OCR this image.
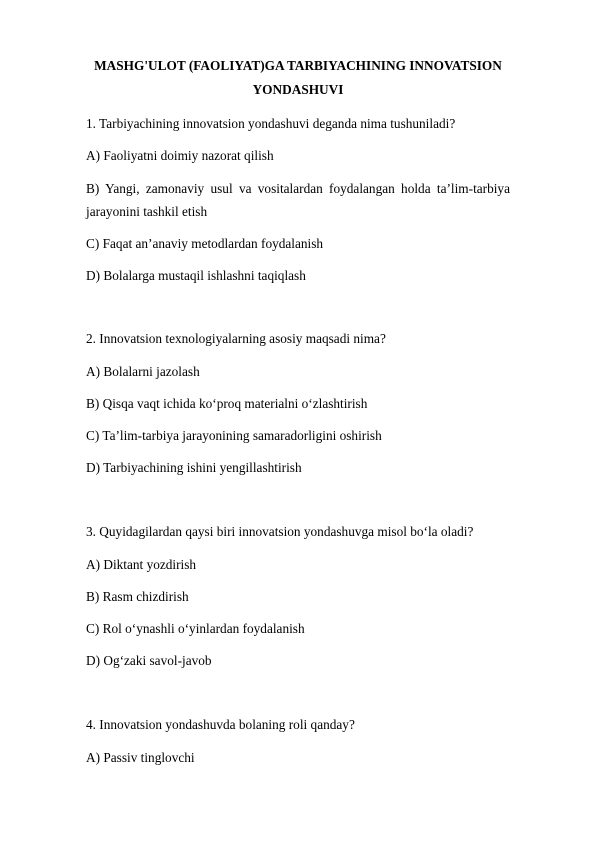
MASHG'ULOT (FAOLIYAT)GA TARBIYACHINING INNOVATSION
YONDASHUVI
1. Tarbiyachining innovatsion yondashuvi deganda nima tushuniladi?
A) Faoliyatni doimiy nazorat qilish
B) Yangi, zamonaviy usul va vositalardan foydalangan holda ta’lim-tarbiya
jarayonini tashkil etish
C) Faqat an’anaviy metodlardan foydalanish
D) Bolalarga mustaqil ishlashni taqiqlash
2. Innovatsion texnologiyalarning asosiy maqsadi nima?
A) Bolalarni jazolash
B) Qisqa vaqt ichida ko‘proq materialni o‘zlashtirish
C) Ta’lim-tarbiya jarayonining samaradorligini oshirish
D) Tarbiyachining ishini yengillashtirish
3. Quyidagilardan qaysi biri innovatsion yondashuvga misol bo‘la oladi?
A) Diktant yozdirish
B) Rasm chizdirish
C) Rol o‘ynashli o‘yinlardan foydalanish
D) Og‘zaki savol-javob
4. Innovatsion yondashuvda bolaning roli qanday?
A) Passiv tinglovchi
